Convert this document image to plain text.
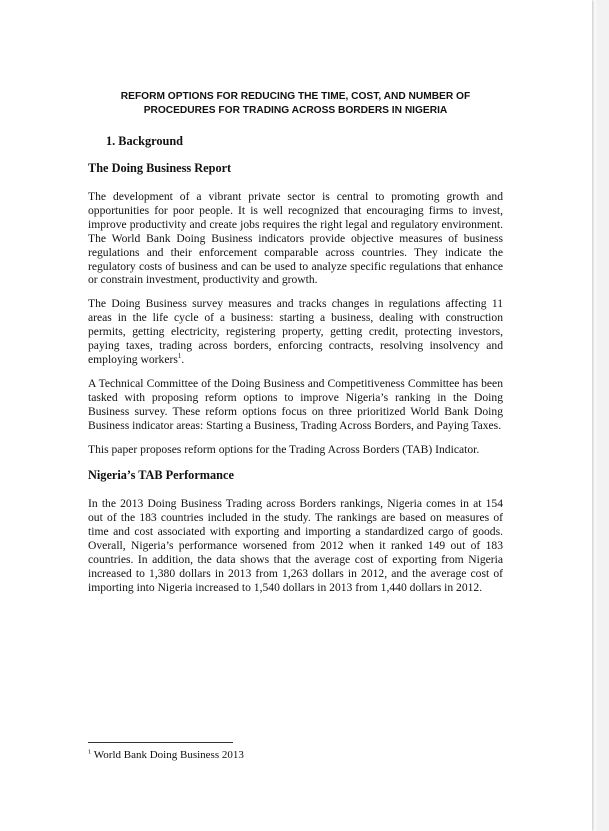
REFORM OPTIONS FOR REDUCING THE TIME, COST, AND NUMBER OF
PROCEDURES FOR TRADING ACROSS BORDERS IN NIGERIA

1. Background

The Doing Business Report

The development of a vibrant private sector is central to promoting growth and opportunities for poor people. It is well recognized that encouraging firms to invest, improve productivity and create jobs requires the right legal and regulatory environment. The World Bank Doing Business indicators provide objective measures of business regulations and their enforcement comparable across countries. They indicate the regulatory costs of business and can be used to analyze specific regulations that enhance or constrain investment, productivity and growth.

The Doing Business survey measures and tracks changes in regulations affecting 11 areas in the life cycle of a business: starting a business, dealing with construction permits, getting electricity, registering property, getting credit, protecting investors, paying taxes, trading across borders, enforcing contracts, resolving insolvency and employing workers$^1$.

A Technical Committee of the Doing Business and Competitiveness Committee has been tasked with proposing reform options to improve Nigeria’s ranking in the Doing Business survey. These reform options focus on three prioritized World Bank Doing Business indicator areas: Starting a Business, Trading Across Borders, and Paying Taxes.

This paper proposes reform options for the Trading Across Borders (TAB) Indicator.

Nigeria’s TAB Performance

In the 2013 Doing Business Trading across Borders rankings, Nigeria comes in at 154 out of the 183 countries included in the study. The rankings are based on measures of time and cost associated with exporting and importing a standardized cargo of goods. Overall, Nigeria’s performance worsened from 2012 when it ranked 149 out of 183 countries. In addition, the data shows that the average cost of exporting from Nigeria increased to 1,380 dollars in 2013 from 1,263 dollars in 2012, and the average cost of importing into Nigeria increased to 1,540 dollars in 2013 from 1,440 dollars in 2012.

$^1$ World Bank Doing Business 2013
